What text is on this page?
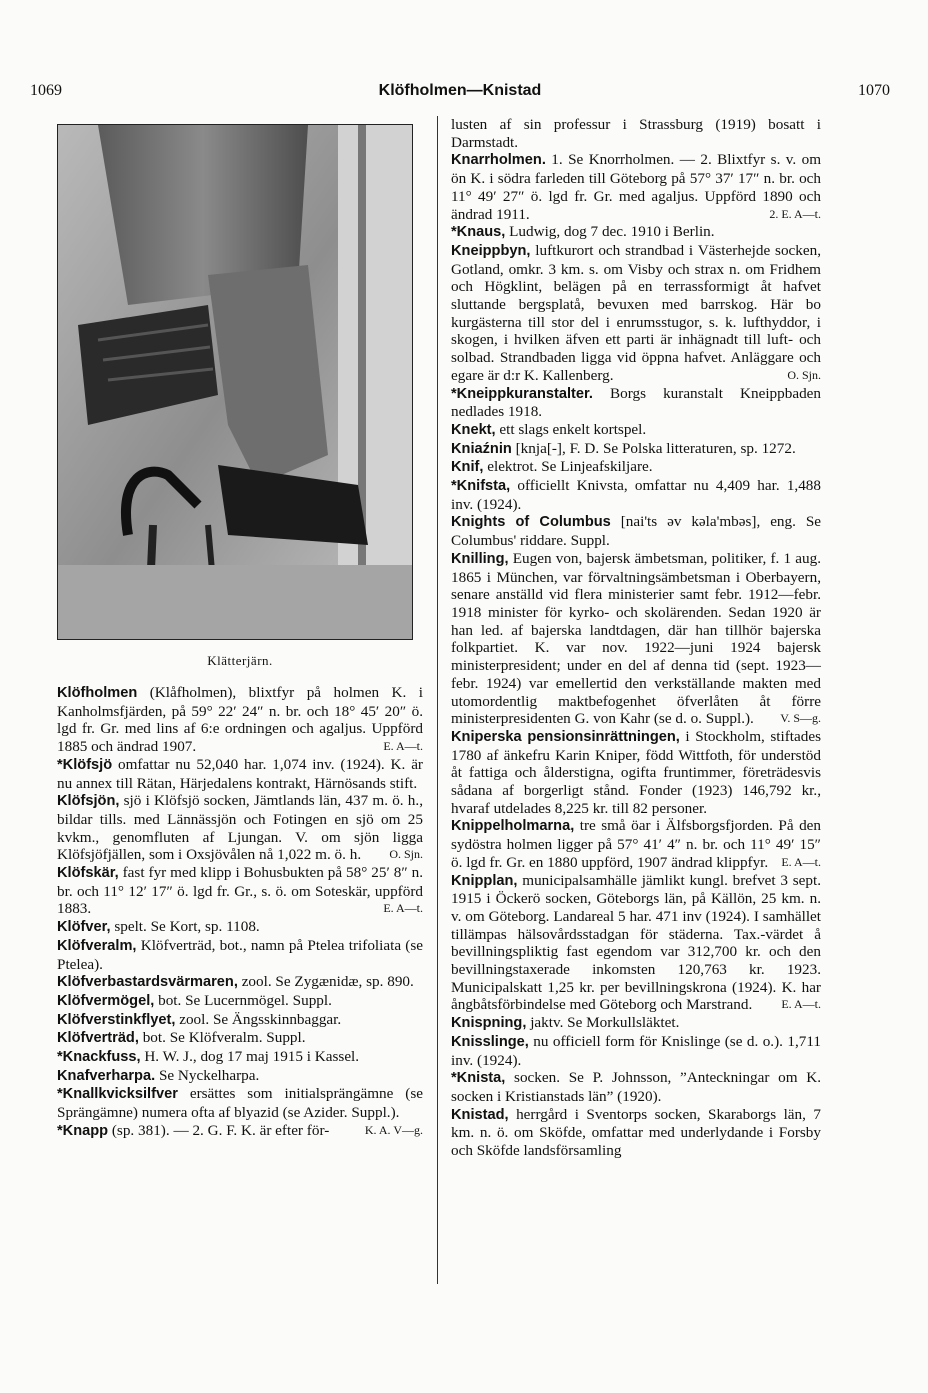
1069	Klöfholmen—Knistad	1070
Klätterjärn.

Klöfholmen (Klåfholmen), blixtfyr på holmen K. i Kanholmsfjärden, på 59° 22′ 24″ n. br. och 18° 45′ 20″ ö. lgd fr. Gr. med lins af 6:e ordningen och agaljus. Uppförd 1885 och ändrad 1907.	E. A—t.

*Klöfsjö omfattar nu 52,040 har. 1,074 inv. (1924). K. är nu annex till Rätan, Härjedalens kontrakt, Härnösands stift.

Klöfsjön, sjö i Klöfsjö socken, Jämtlands län, 437 m. ö. h., bildar tills. med Lännässjön och Fotingen en sjö om 25 kvkm., genomfluten af Ljungan. V. om sjön ligga Klöfsjöfjällen, som i Oxsjövålen nå 1,022 m. ö. h. O. Sjn.

Klöfskär, fast fyr med klipp i Bohusbukten på 58° 25′ 8″ n. br. och 11° 12′ 17″ ö. lgd fr. Gr., s. ö. om Soteskär, uppförd 1883.	E. A—t.

Klöfver, spelt. Se Kort, sp. 1108.

Klöfveralm, Klöfverträd, bot., namn på Ptelea trifoliata (se Ptelea).

Klöfverbastardsvärmaren, zool. Se Zygænidæ, sp. 890.

Klöfvermögel, bot. Se Lucernmögel. Suppl.

Klöfverstinkflyet, zool. Se Ängsskinnbaggar.

Klöfverträd, bot. Se Klöfveralm. Suppl.

*Knackfuss, H. W. J., dog 17 maj 1915 i Kassel.

Knafverharpa. Se Nyckelharpa.

*Knallkvicksilfver ersättes som initialsprängämne (se Sprängämne) numera ofta af blyazid (se Azider. Suppl.).
K. A. V—g.

*Knapp (sp. 381). — 2. G. F. K. är efter för-

lusten af sin professur i Strassburg (1919) bosatt i Darmstadt.

Knarrholmen. 1. Se Knorrholmen. — 2. Blixtfyr s. v. om ön K. i södra farleden till Göteborg på 57° 37′ 17″ n. br. och 11° 49′ 27″ ö. lgd fr. Gr. med agaljus. Uppförd 1890 och ändrad 1911.	2. E. A—t.

*Knaus, Ludwig, dog 7 dec. 1910 i Berlin.

Kneippbyn, luftkurort och strandbad i Västerhejde socken, Gotland, omkr. 3 km. s. om Visby och strax n. om Fridhem och Högklint, belägen på en terrassformigt åt hafvet sluttande bergsplatå, bevuxen med barrskog. Här bo kurgästerna till stor del i enrumsstugor, s. k. lufthyddor, i skogen, i hvilken äfven ett parti är inhägnadt till luft- och solbad. Strandbaden ligga vid öppna hafvet. Anläggare och egare är d:r K. Kallenberg.	O. Sjn.

*Kneippkuranstalter. Borgs kuranstalt Kneippbaden nedlades 1918.

Knekt, ett slags enkelt kortspel.

Kniaźnin [knja[-], F. D. Se Polska litteraturen, sp. 1272.

Knif, elektrot. Se Linjeafskiljare.

*Knifsta, officiellt Knivsta, omfattar nu 4,409 har. 1,488 inv. (1924).

Knights of Columbus [nai'ts əv kəla'mbəs], eng. Se Columbus' riddare. Suppl.

Knilling, Eugen von, bajersk ämbetsman, politiker, f. 1 aug. 1865 i München, var förvaltningsämbetsman i Oberbayern, senare anställd vid flera ministerier samt febr. 1912—febr. 1918 minister för kyrko- och skolärenden. Sedan 1920 är han led. af bajerska landtdagen, där han tillhör bajerska folkpartiet. K. var nov. 1922—juni 1924 bajersk ministerpresident; under en del af denna tid (sept. 1923—febr. 1924) var emellertid den verkställande makten med utomordentlig maktbefogenhet öfverlåten åt förre ministerpresidenten G. von Kahr (se d. o. Suppl.). V. S—g.

Kniperska pensionsinrättningen, i Stockholm, stiftades 1780 af änkefru Karin Kniper, född Wittfoth, för understöd åt fattiga och ålderstigna, ogifta fruntimmer, företrädesvis sådana af borgerligt stånd. Fonder (1923) 146,792 kr., hvaraf utdelades 8,225 kr. till 82 personer.

Knippelholmarna, tre små öar i Älfsborgsfjorden. På den sydöstra holmen ligger på 57° 41′ 4″ n. br. och 11° 49′ 15″ ö. lgd fr. Gr. en 1880 uppförd, 1907 ändrad klippfyr. E. A—t.

Knipplan, municipalsamhälle jämlikt kungl. brefvet 3 sept. 1915 i Öckerö socken, Göteborgs län, på Källön, 25 km. n. v. om Göteborg. Landareal 5 har. 471 inv (1924). I samhället tillämpas hälsovårdsstadgan för städerna. Tax.-värdet å bevillningspliktig fast egendom var 312,700 kr. och den bevillningstaxerade inkomsten 120,763 kr. 1923. Municipalskatt 1,25 kr. per bevillningskrona (1924). K. har ångbåtsförbindelse med Göteborg och Marstrand. E. A—t.

Knispning, jaktv. Se Morkullsläktet.

Knisslinge, nu officiell form för Knislinge (se d. o.). 1,711 inv. (1924).

*Knista, socken. Se P. Johnsson, ”Anteckningar om K. socken i Kristianstads län” (1920).

Knistad, herrgård i Sventorps socken, Skaraborgs län, 7 km. n. ö. om Sköfde, omfattar med underlydande i Forsby och Sköfde landsförsamling
